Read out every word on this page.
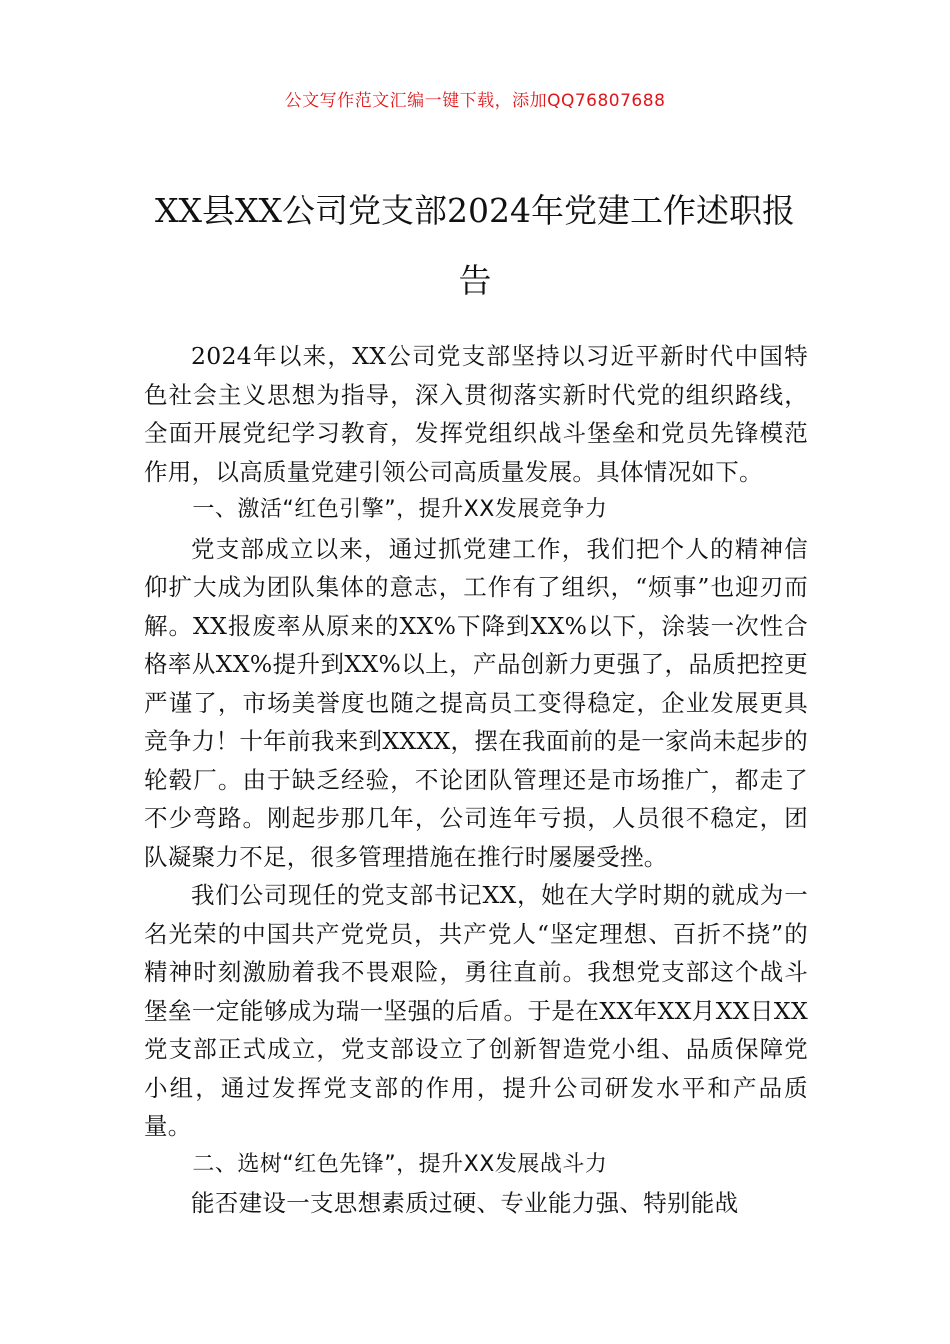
公文写作范文汇编一键下载，添加QQ76807688
XX县XX公司党支部2024年党建工作述职报告

2024年以来，XX公司党支部坚持以习近平新时代中国特色社会主义思想为指导，深入贯彻落实新时代党的组织路线，全面开展党纪学习教育，发挥党组织战斗堡垒和党员先锋模范作用，以高质量党建引领公司高质量发展。具体情况如下。

一、激活“红色引擎”，提升XX发展竞争力

党支部成立以来，通过抓党建工作，我们把个人的精神信仰扩大成为团队集体的意志，工作有了组织，“烦事”也迎刃而解。XX报废率从原来的XX%下降到XX%以下，涂装一次性合格率从XX%提升到XX%以上，产品创新力更强了，品质把控更严谨了，市场美誉度也随之提高员工变得稳定，企业发展更具竞争力！十年前我来到XXXX，摆在我面前的是一家尚未起步的轮毂厂。由于缺乏经验，不论团队管理还是市场推广，都走了不少弯路。刚起步那几年，公司连年亏损，人员很不稳定，团队凝聚力不足，很多管理措施在推行时屡屡受挫。

我们公司现任的党支部书记XX，她在大学时期的就成为一名光荣的中国共产党党员，共产党人“坚定理想、百折不挠”的精神时刻激励着我不畏艰险，勇往直前。我想党支部这个战斗堡垒一定能够成为瑞一坚强的后盾。于是在XX年XX月XX日XX党支部正式成立，党支部设立了创新智造党小组、品质保障党小组，通过发挥党支部的作用，提升公司研发水平和产品质量。

二、选树“红色先锋”，提升XX发展战斗力

能否建设一支思想素质过硬、专业能力强、特别能战
